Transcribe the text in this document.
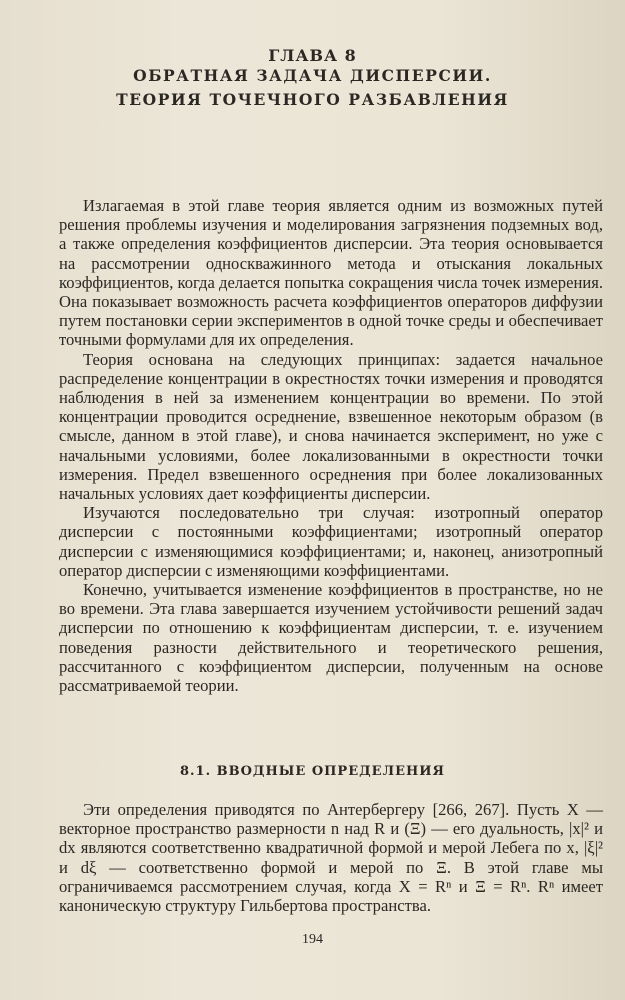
ГЛАВА 8
ОБРАТНАЯ ЗАДАЧА ДИСПЕРСИИ.
ТЕОРИЯ ТОЧЕЧНОГО РАЗБАВЛЕНИЯ

Излагаемая в этой главе теория является одним из возможных путей решения проблемы изучения и моделирования загрязнения подземных вод, а также определения коэффициентов дисперсии. Эта теория основывается на рассмотрении односкважинного метода и отыскания локальных коэффициентов, когда делается попытка сокращения числа точек измерения. Она показывает возможность расчета коэффициентов операторов диффузии путем постановки серии экспериментов в одной точке среды и обеспечивает точными формулами для их определения.

Теория основана на следующих принципах: задается начальное распределение концентрации в окрестностях точки измерения и проводятся наблюдения в ней за изменением концентрации во времени. По этой концентрации проводится осреднение, взвешенное некоторым образом (в смысле, данном в этой главе), и снова начинается эксперимент, но уже с начальными условиями, более локализованными в окрестности точки измерения. Предел взвешенного осреднения при более локализованных начальных условиях дает коэффициенты дисперсии.

Изучаются последовательно три случая: изотропный оператор дисперсии с постоянными коэффициентами; изотропный оператор дисперсии с изменяющимися коэффициентами; и, наконец, анизотропный оператор дисперсии с изменяющими коэффициентами.

Конечно, учитывается изменение коэффициентов в пространстве, но не во времени. Эта глава завершается изучением устойчивости решений задач дисперсии по отношению к коэффициентам дисперсии, т. е. изучением поведения разности действительного и теоретического решения, рассчитанного с коэффициентом дисперсии, полученным на основе рассматриваемой теории.

8.1. ВВОДНЫЕ ОПРЕДЕЛЕНИЯ

Эти определения приводятся по Антербергеру [266, 267]. Пусть X — векторное пространство размерности n над R и (Ξ) — его дуальность, |x|² и dx являются соответственно квадратичной формой и мерой Лебега по x, |ξ|² и dξ — соответственно формой и мерой по Ξ. В этой главе мы ограничиваемся рассмотрением случая, когда X = Rⁿ и Ξ = Rⁿ. Rⁿ имеет каноническую структуру Гильбертова пространства.

194
